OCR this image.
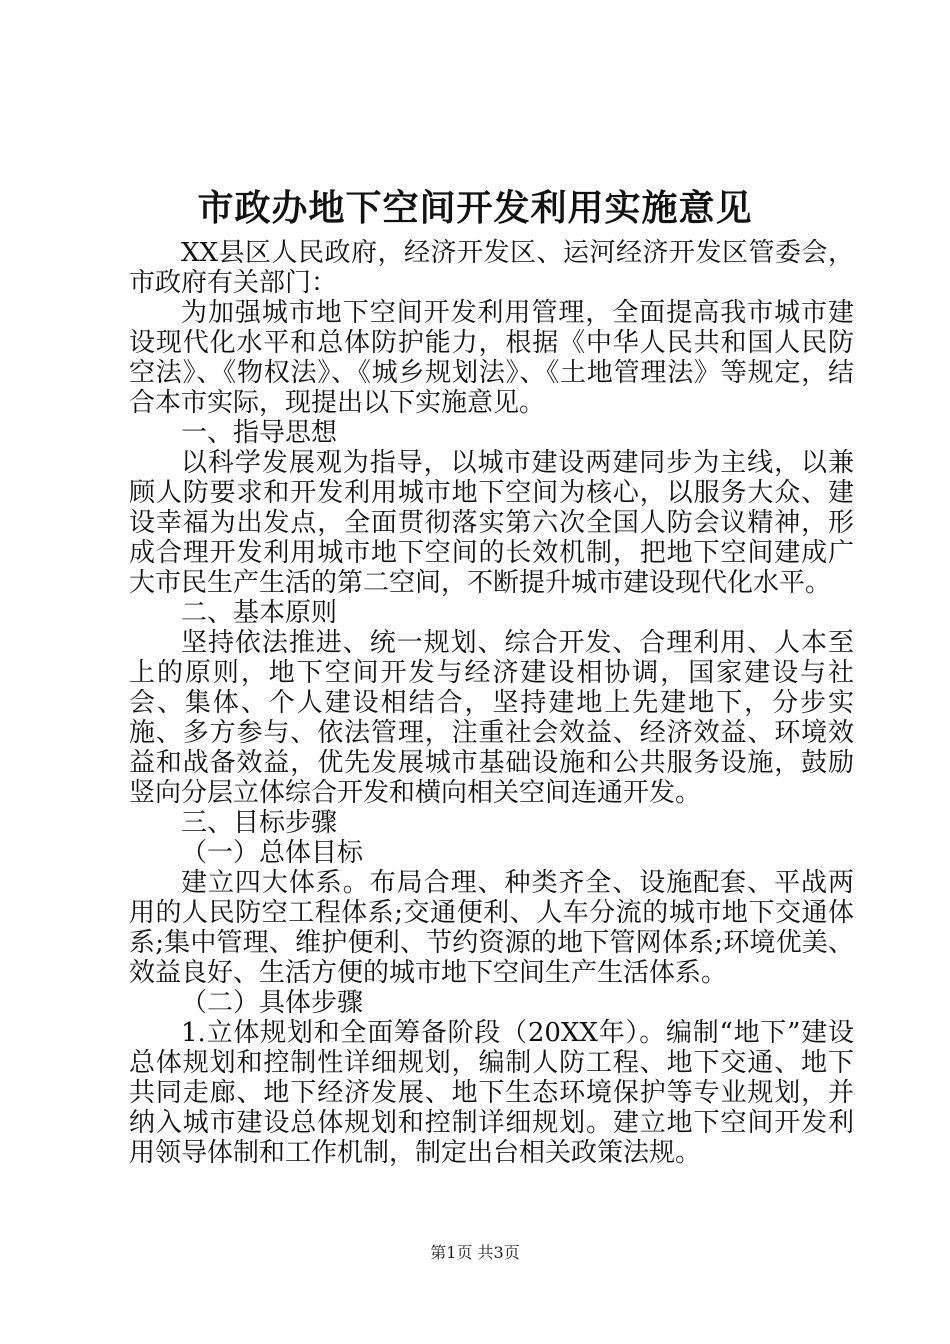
市政办地下空间开发利用实施意见

XX县区人民政府，经济开发区、运河经济开发区管委会，市政府有关部门：

为加强城市地下空间开发利用管理，全面提高我市城市建设现代化水平和总体防护能力，根据《中华人民共和国人民防空法》、《物权法》、《城乡规划法》、《土地管理法》等规定，结合本市实际，现提出以下实施意见。

一、指导思想

以科学发展观为指导，以城市建设两建同步为主线，以兼顾人防要求和开发利用城市地下空间为核心，以服务大众、建设幸福为出发点，全面贯彻落实第六次全国人防会议精神，形成合理开发利用城市地下空间的长效机制，把地下空间建成广大市民生产生活的第二空间，不断提升城市建设现代化水平。

二、基本原则

坚持依法推进、统一规划、综合开发、合理利用、人本至上的原则，地下空间开发与经济建设相协调，国家建设与社会、集体、个人建设相结合，坚持建地上先建地下，分步实施、多方参与、依法管理，注重社会效益、经济效益、环境效益和战备效益，优先发展城市基础设施和公共服务设施，鼓励竖向分层立体综合开发和横向相关空间连通开发。

三、目标步骤

（一）总体目标

建立四大体系。布局合理、种类齐全、设施配套、平战两用的人民防空工程体系;交通便利、人车分流的城市地下交通体系;集中管理、维护便利、节约资源的地下管网体系;环境优美、效益良好、生活方便的城市地下空间生产生活体系。

（二）具体步骤

1.立体规划和全面筹备阶段（20XX年）。编制“地下”建设总体规划和控制性详细规划，编制人防工程、地下交通、地下共同走廊、地下经济发展、地下生态环境保护等专业规划，并纳入城市建设总体规划和控制详细规划。建立地下空间开发利用领导体制和工作机制，制定出台相关政策法规。

第1页 共3页
